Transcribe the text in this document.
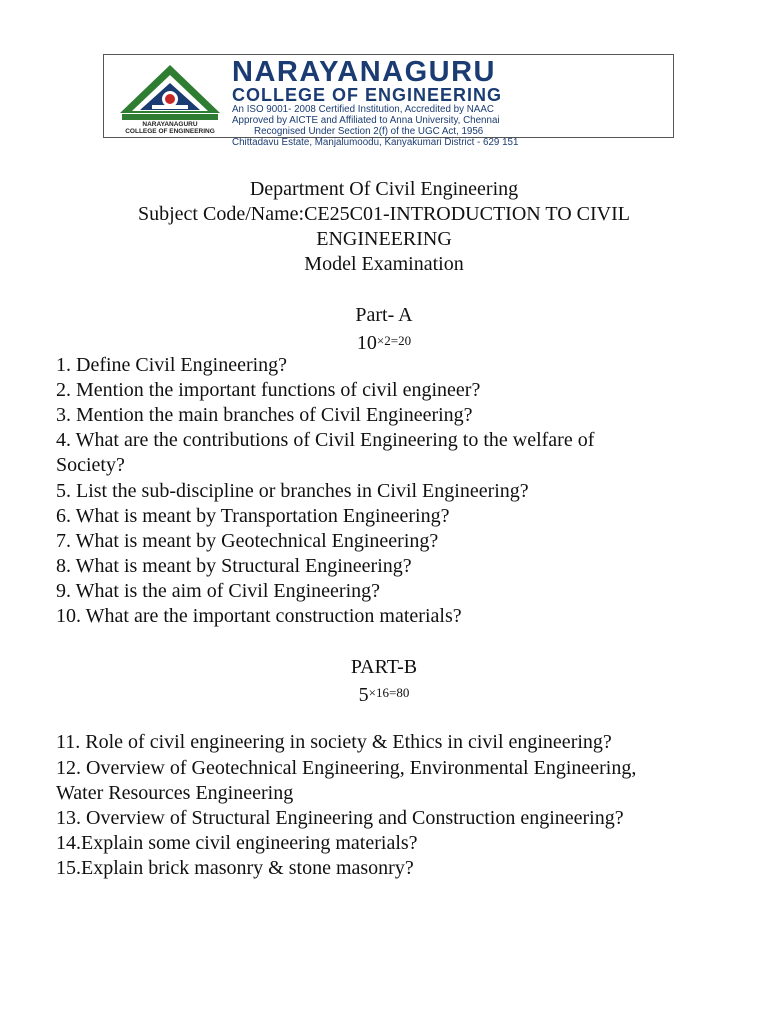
NARAYANAGURU
COLLEGE OF ENGINEERING
NARAYANAGURU
COLLEGE OF ENGINEERING
An ISO 9001- 2008 Certified Institution, Accredited by NAAC
Approved by AICTE and Affiliated to Anna University, Chennai
Recognised Under Section 2(f) of the UGC Act, 1956
Chittadavu Estate, Manjalumoodu, Kanyakumari District - 629 151
Department Of Civil Engineering
Subject Code/Name:CE25C01-INTRODUCTION TO CIVIL
ENGINEERING
Model Examination
Part- A
$10^{\times 2=20}$
1. Define Civil Engineering?
2. Mention the important functions of civil engineer?
3. Mention the main branches of Civil Engineering?
4. What are the contributions of Civil Engineering to the welfare of
Society?
5. List the sub-discipline or branches in Civil Engineering?
6. What is meant by Transportation Engineering?
7. What is meant by Geotechnical Engineering?
8. What is meant by Structural Engineering?
9. What is the aim of Civil Engineering?
10. What are the important construction materials?
PART-B
$5^{\times 16=80}$
11. Role of civil engineering in society & Ethics in civil engineering?
12. Overview of Geotechnical Engineering, Environmental Engineering,
Water Resources Engineering
13. Overview of Structural Engineering and Construction engineering?
14.Explain some civil engineering materials?
15.Explain brick masonry & stone masonry?
